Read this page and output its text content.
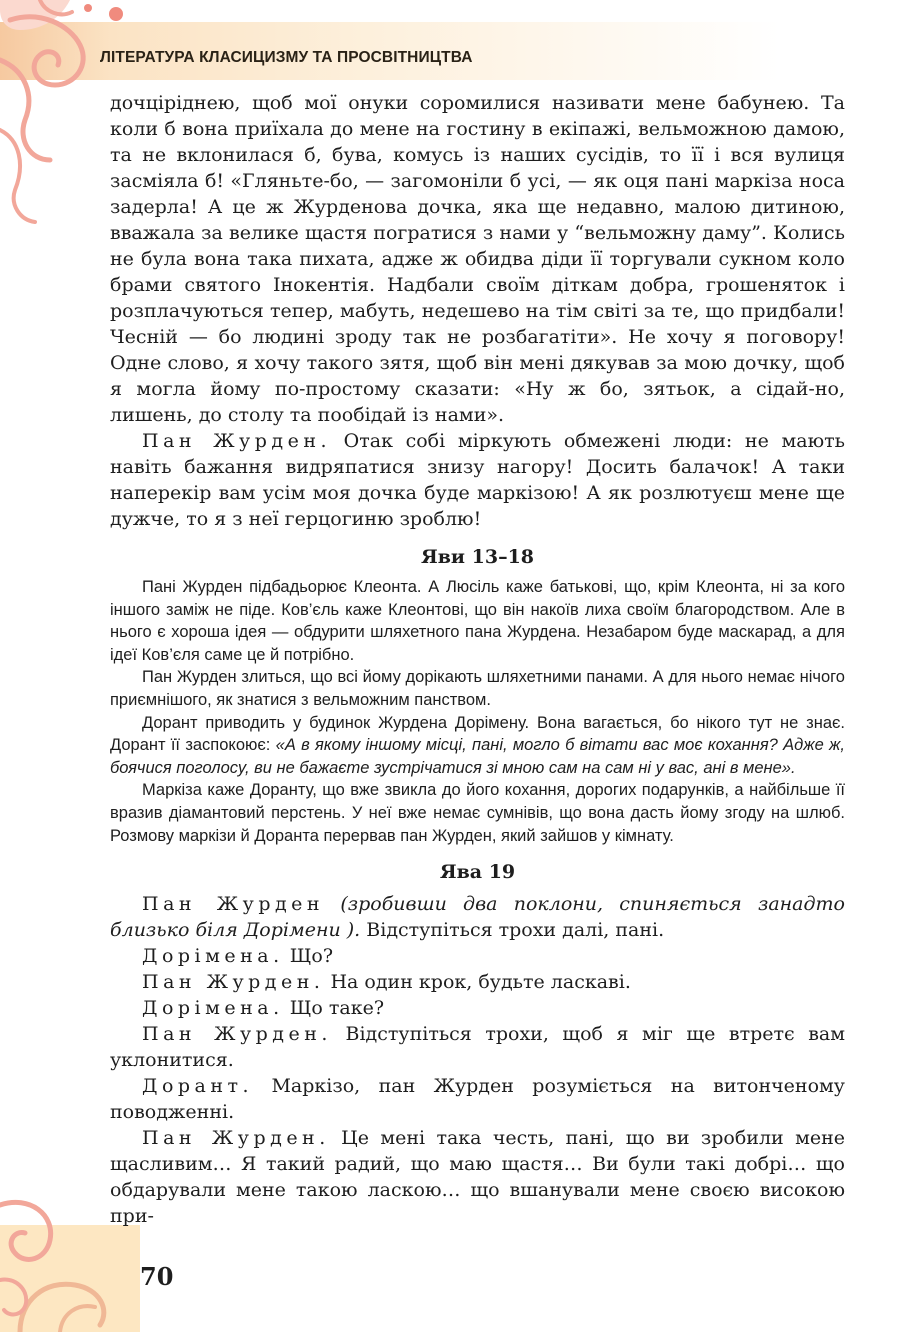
ЛІТЕРАТУРА КЛАСИЦИЗМУ ТА ПРОСВІТНИЦТВА

дочціріднею, щоб мої онуки соромилися називати мене бабунею. Та коли б вона приїхала до мене на гостину в екіпажі, вельможною дамою, та не вклонилася б, бува, комусь із наших сусідів, то її і вся вулиця засміяла б! «Гляньте-бо, — загомоніли б усі, — як оця пані маркіза носа задерла! А це ж Журденова дочка, яка ще недавно, малою дитиною, вважала за велике щастя погратися з нами у “вельможну даму”. Колись не була вона така пихата, адже ж обидва діди її торгували сукном коло брами святого Інокентія. Надбали своїм діткам добра, грошеняток і розплачуються тепер, мабуть, недешево на тім світі за те, що придбали! Чесній — бо людині зроду так не розбагатіти». Не хочу я поговору! Одне слово, я хочу такого зятя, щоб він мені дякував за мою дочку, щоб я могла йому по-простому сказати: «Ну ж бо, зятьок, а сідай-но, лишень, до столу та пообідай із нами».

Пан Журден. Отак собі міркують обмежені люди: не мають навіть бажання видряпатися знизу нагору! Досить балачок! А таки наперекір вам усім моя дочка буде маркізою! А як розлютуєш мене ще дужче, то я з неї герцогиню зроблю!

Яви 13–18

Пані Журден підбадьорює Клеонта. А Люсіль каже батькові, що, крім Клеонта, ні за кого іншого заміж не піде. Ков’єль каже Клеонтові, що він накоїв лиха своїм благородством. Але в нього є хороша ідея — обдурити шляхетного пана Журдена. Незабаром буде маскарад, а для ідеї Ков’єля саме це й потрібно.

Пан Журден злиться, що всі йому дорікають шляхетними панами. А для нього немає нічого приємнішого, як знатися з вельможним панством.

Дорант приводить у будинок Журдена Дорімену. Вона вагається, бо нікого тут не знає. Дорант її заспокоює: «А в якому іншому місці, пані, могло б вітати вас моє кохання? Адже ж, боячися поголосу, ви не бажаєте зустрічатися зі мною сам на сам ні у вас, ані в мене».

Маркіза каже Доранту, що вже звикла до його кохання, дорогих подарунків, а найбільше її вразив діамантовий перстень. У неї вже немає сумнівів, що вона дасть йому згоду на шлюб. Розмову маркізи й Доранта перервав пан Журден, який зайшов у кімнату.

Ява 19

Пан Журден (зробивши два поклони, спиняється занадто близько біля Дорімени ). Відступіться трохи далі, пані.

Дорімена. Що?

Пан Журден. На один крок, будьте ласкаві.

Дорімена. Що таке?

Пан Журден. Відступіться трохи, щоб я міг ще втретє вам уклонитися.

Дорант. Маркізо, пан Журден розуміється на витонченому поводженні.

Пан Журден. Це мені така честь, пані, що ви зробили мене щасливим… Я такий радий, що маю щастя… Ви були такі добрі… що обдарували мене такою ласкою… що вшанували мене своєю високою при-

70
